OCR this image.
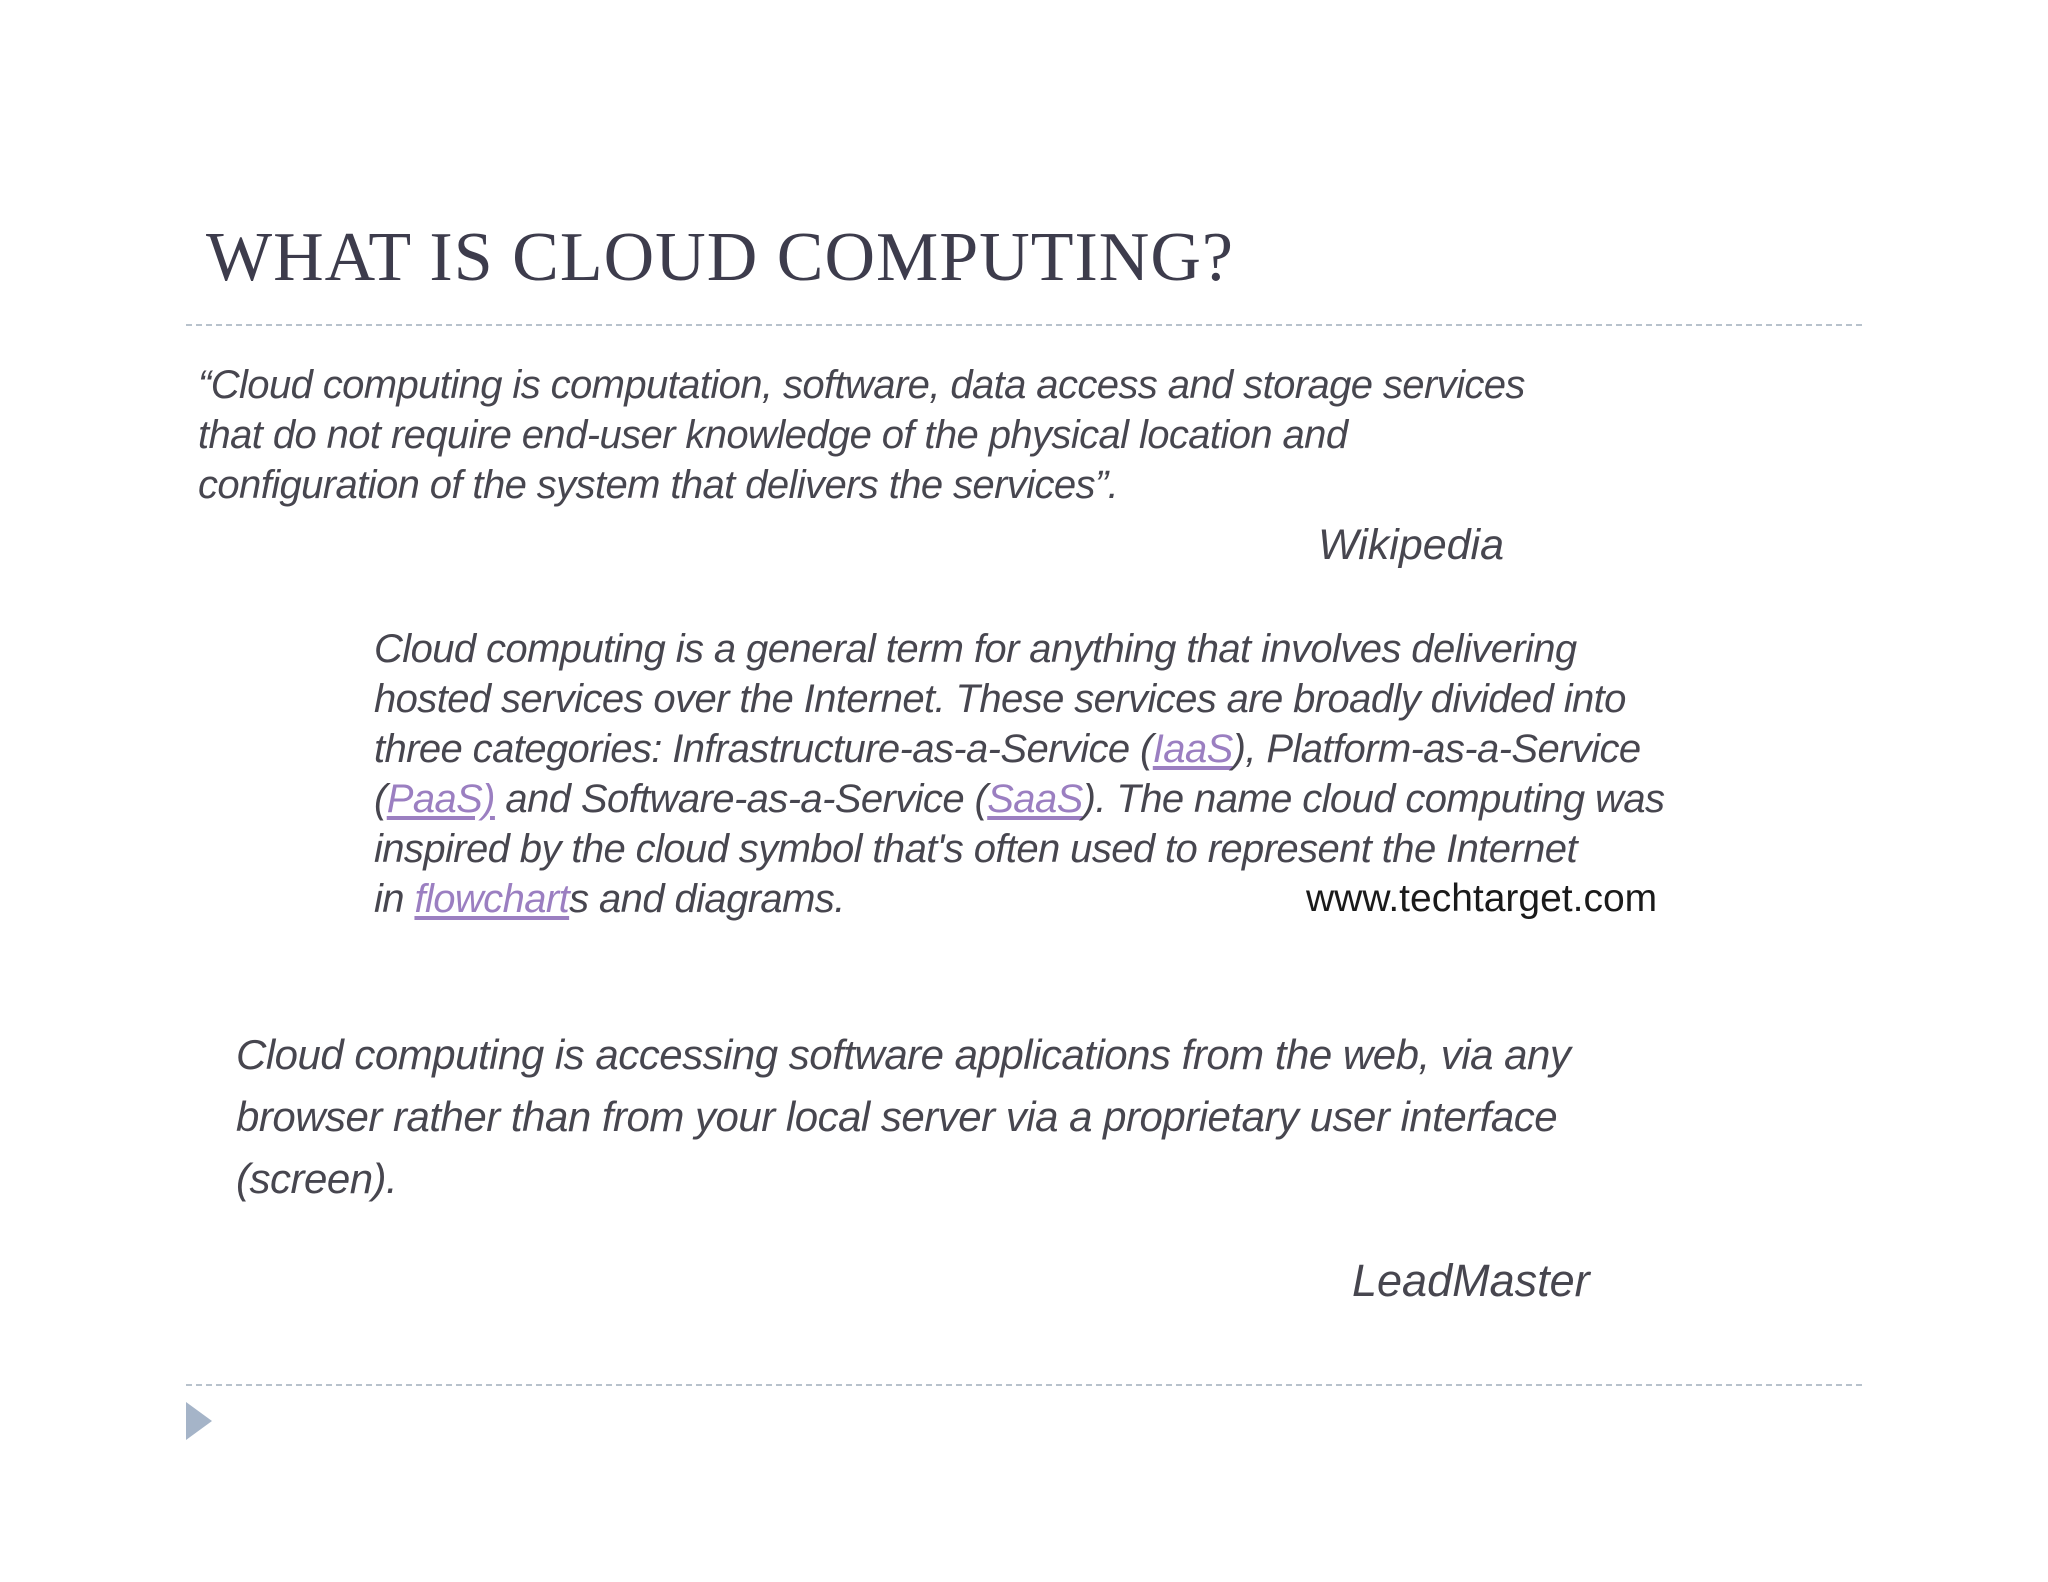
WHAT IS CLOUD COMPUTING?

“Cloud computing is computation, software, data access and storage services
that do not require end-user knowledge of the physical location and
configuration of the system that delivers the services”.

Wikipedia

Cloud computing is a general term for anything that involves delivering
hosted services over the Internet. These services are broadly divided into
three categories: Infrastructure-as-a-Service (IaaS), Platform-as-a-Service
(PaaS) and Software-as-a-Service (SaaS). The name cloud computing was
inspired by the cloud symbol that's often used to represent the Internet
in flowcharts and diagrams.	www.techtarget.com

Cloud computing is accessing software applications from the web, via any
browser rather than from your local server via a proprietary user interface
(screen).

LeadMaster
